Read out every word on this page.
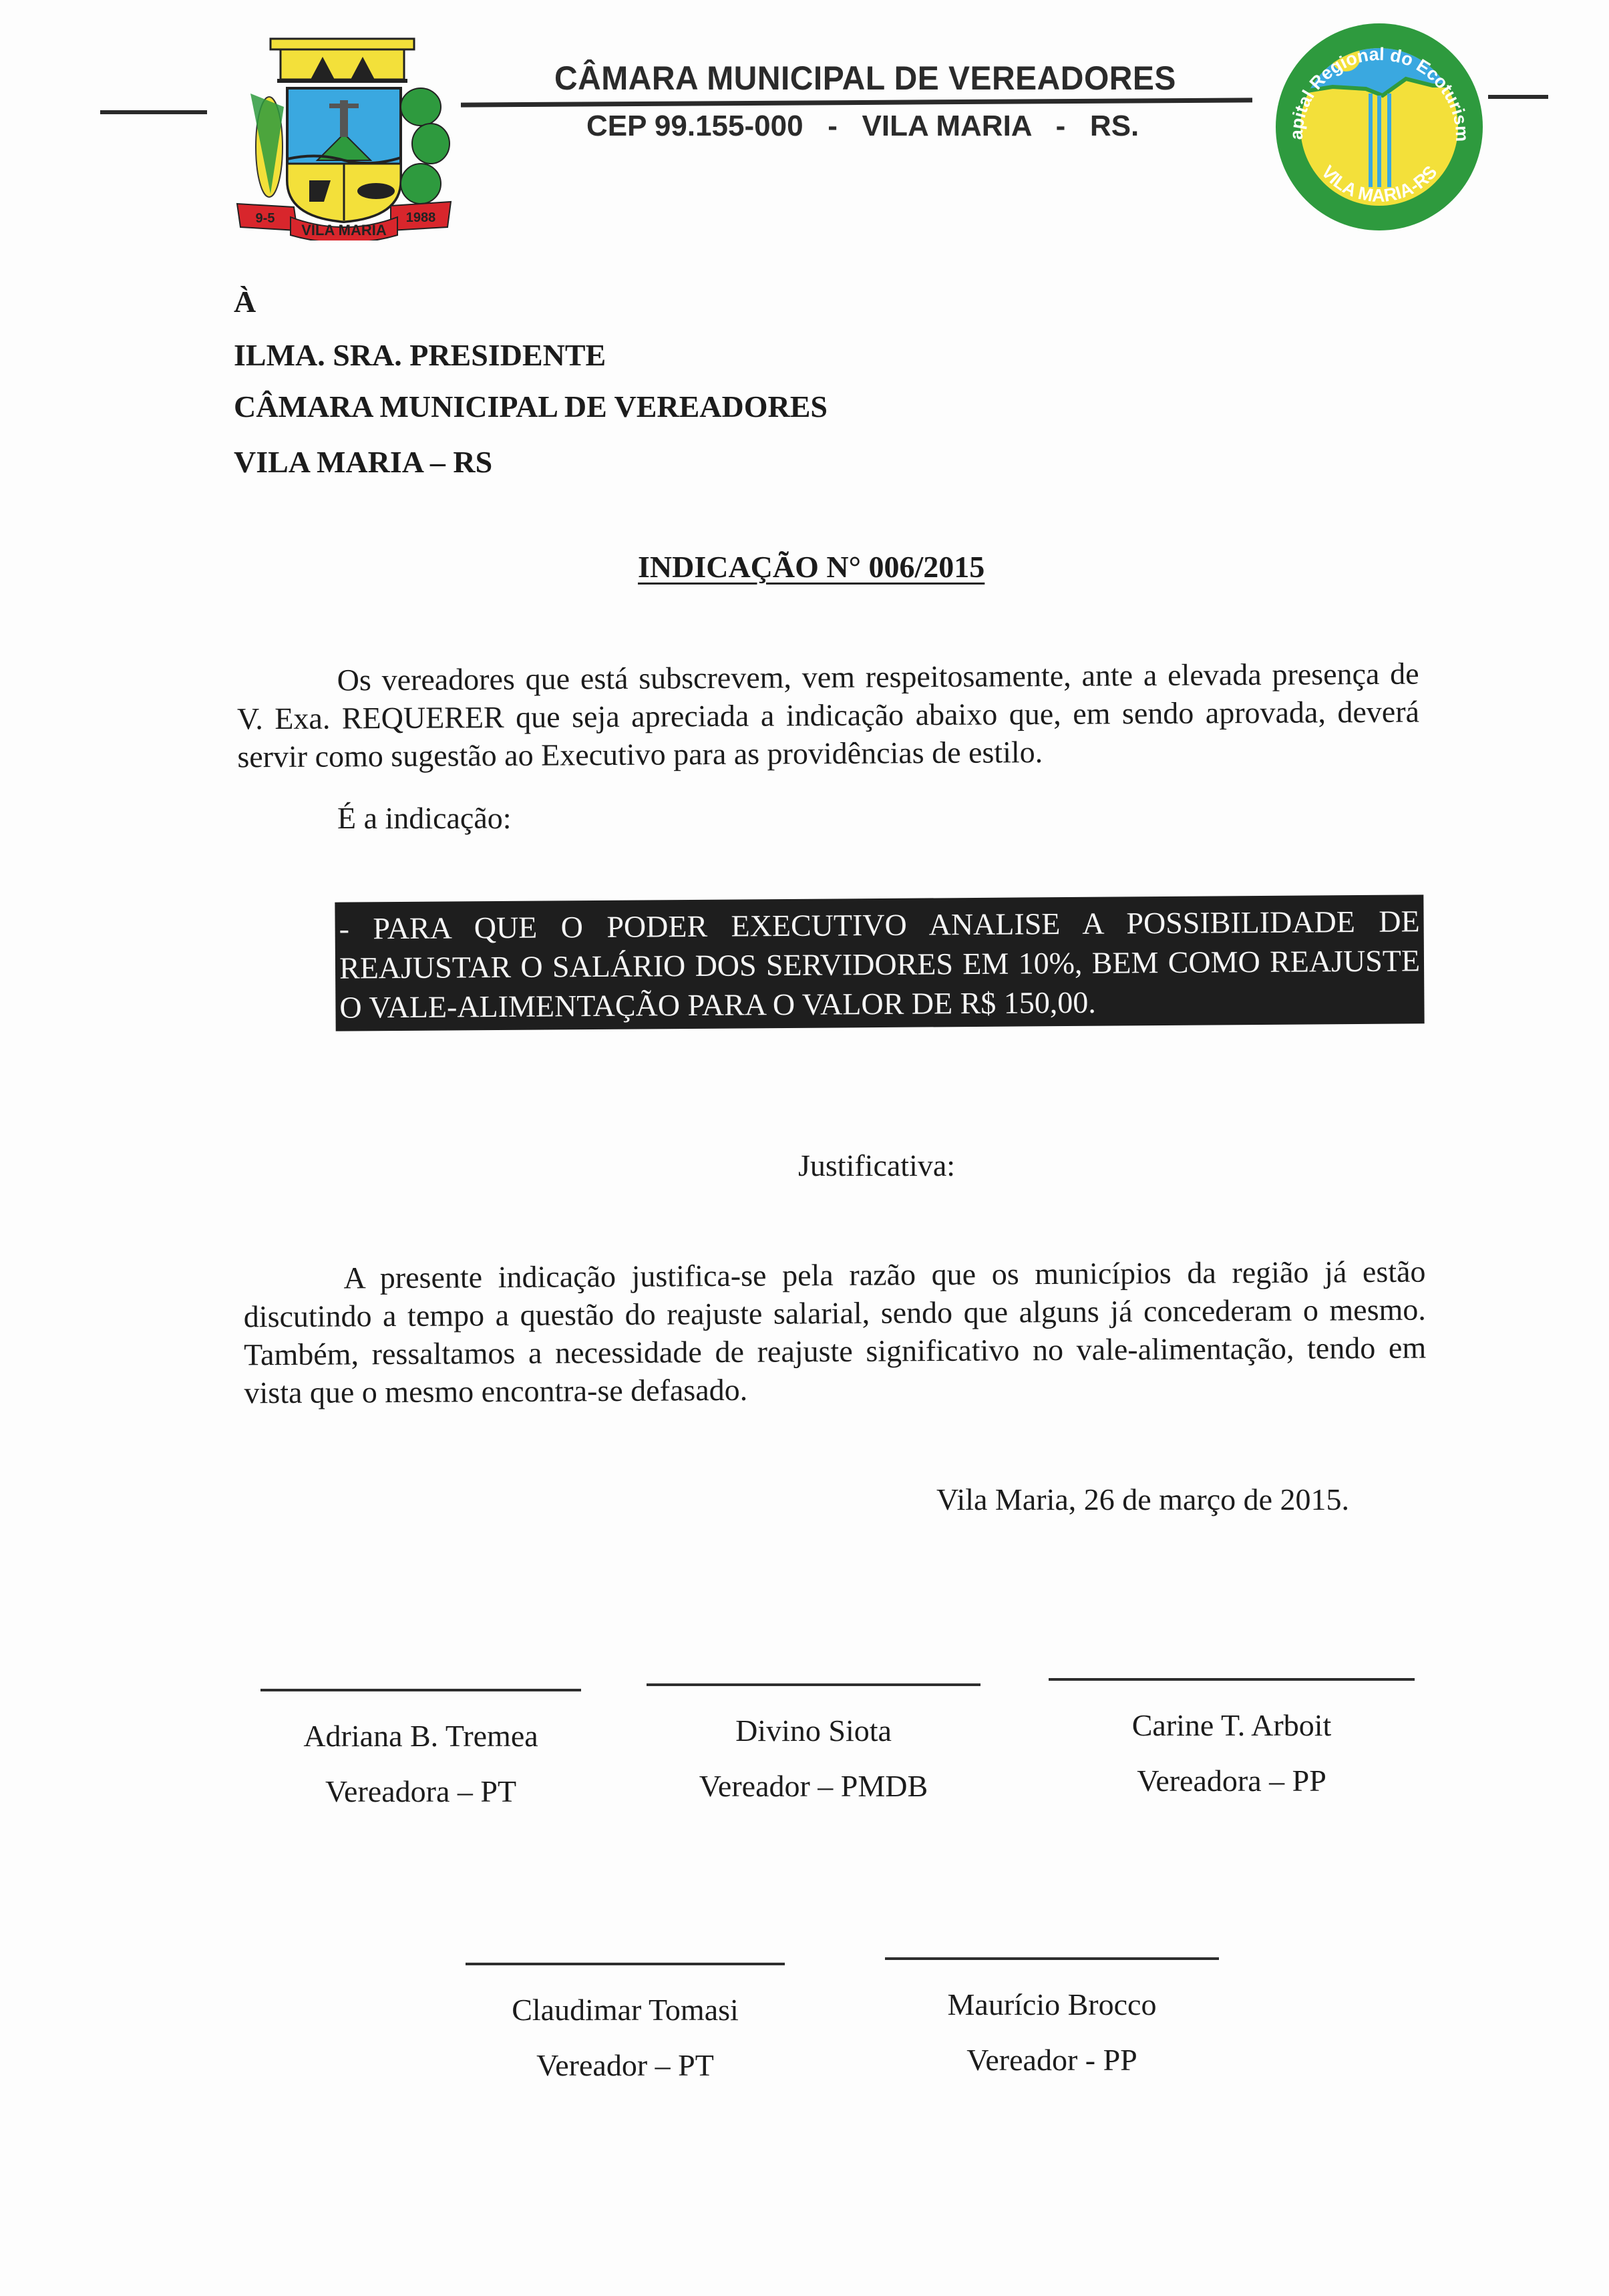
9-5	1988
VILA MARIA
CÂMARA MUNICIPAL DE VEREADORES
CEP 99.155-000   -   VILA MARIA   -   RS.	apital Regional do Ecoturism
VILA MARIA-RS
À
ILMA. SRA. PRESIDENTE
CÂMARA MUNICIPAL DE VEREADORES
VILA MARIA – RS
INDICAÇÃO N° 006/2015
Os vereadores que está subscrevem, vem respeitosamente, ante a elevada presença de V. Exa. REQUERER que seja apreciada a indicação abaixo que, em sendo aprovada, deverá servir como sugestão ao Executivo para as providências de estilo.
É a indicação:
- PARA QUE O PODER EXECUTIVO ANALISE A POSSIBILIDADE DE REAJUSTAR O SALÁRIO DOS SERVIDORES EM 10%, BEM COMO REAJUSTE O VALE-ALIMENTAÇÃO PARA O VALOR DE R$ 150,00.
Justificativa:
A presente indicação justifica-se pela razão que os municípios da região já estão discutindo a tempo a questão do reajuste salarial, sendo que alguns já concederam o mesmo. Também, ressaltamos a necessidade de reajuste significativo no vale-alimentação, tendo em vista que o mesmo encontra-se defasado.
Vila Maria, 26 de março de 2015.
Adriana B. Tremea
Vereadora – PT
Divino Siota
Vereador – PMDB
Carine T. Arboit
Vereadora – PP
Claudimar Tomasi
Vereador – PT
Maurício Brocco
Vereador - PP
